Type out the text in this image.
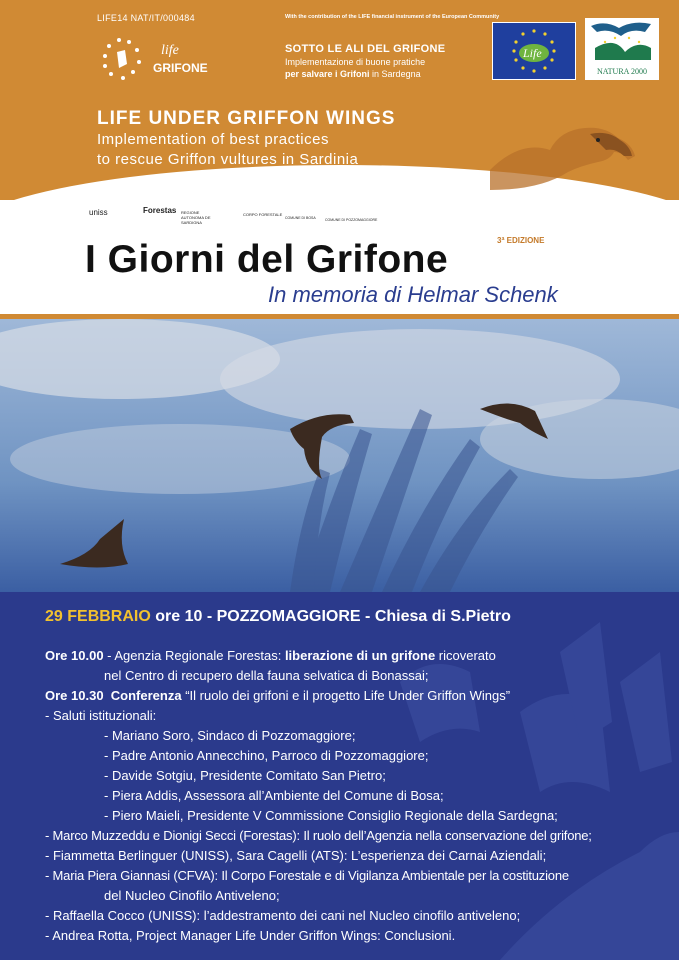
LIFE14 NAT/IT/000484	With the contribution of the LIFE financial instrument of the European Community
life
GRIFONE
SOTTO LE ALI DEL GRIFONE
Implementazione di buone pratiche
per salvare i Grifoni in Sardegna
Life
NATURA 2000
LIFE UNDER GRIFFON WINGS
Implementation of best practices
to rescue Griffon vultures in Sardinia
uniss	Forestas REGIONE AUTONOMA DE SARDIGNA
CORPO FORESTALE
COMUNE DI BOSA	COMUNE DI POZZOMAGGIORE
3ª EDIZIONE
I Giorni del Grifone
In memoria di Helmar Schenk
29 FEBBRAIO ore 10 - POZZOMAGGIORE - Chiesa di S.Pietro
Ore 10.00 - Agenzia Regionale Forestas: liberazione di un grifone ricoverato
nel Centro di recupero della fauna selvatica di Bonassai;
Ore 10.30 Conferenza “Il ruolo dei grifoni e il progetto Life Under Griffon Wings”
- Saluti istituzionali:
- Mariano Soro, Sindaco di Pozzomaggiore;
- Padre Antonio Annecchino, Parroco di Pozzomaggiore;
- Davide Sotgiu, Presidente Comitato San Pietro;
- Piera Addis, Assessora all’Ambiente del Comune di Bosa;
- Piero Maieli, Presidente V Commissione Consiglio Regionale della Sardegna;
- Marco Muzzeddu e Dionigi Secci (Forestas): Il ruolo dell’Agenzia nella conservazione del grifone;
- Fiammetta Berlinguer (UNISS), Sara Cagelli (ATS): L’esperienza dei Carnai Aziendali;
- Maria Piera Giannasi (CFVA): Il Corpo Forestale e di Vigilanza Ambientale per la costituzione
del Nucleo Cinofilo Antiveleno;
- Raffaella Cocco (UNISS): l’addestramento dei cani nel Nucleo cinofilo antiveleno;
- Andrea Rotta, Project Manager Life Under Griffon Wings: Conclusioni.
